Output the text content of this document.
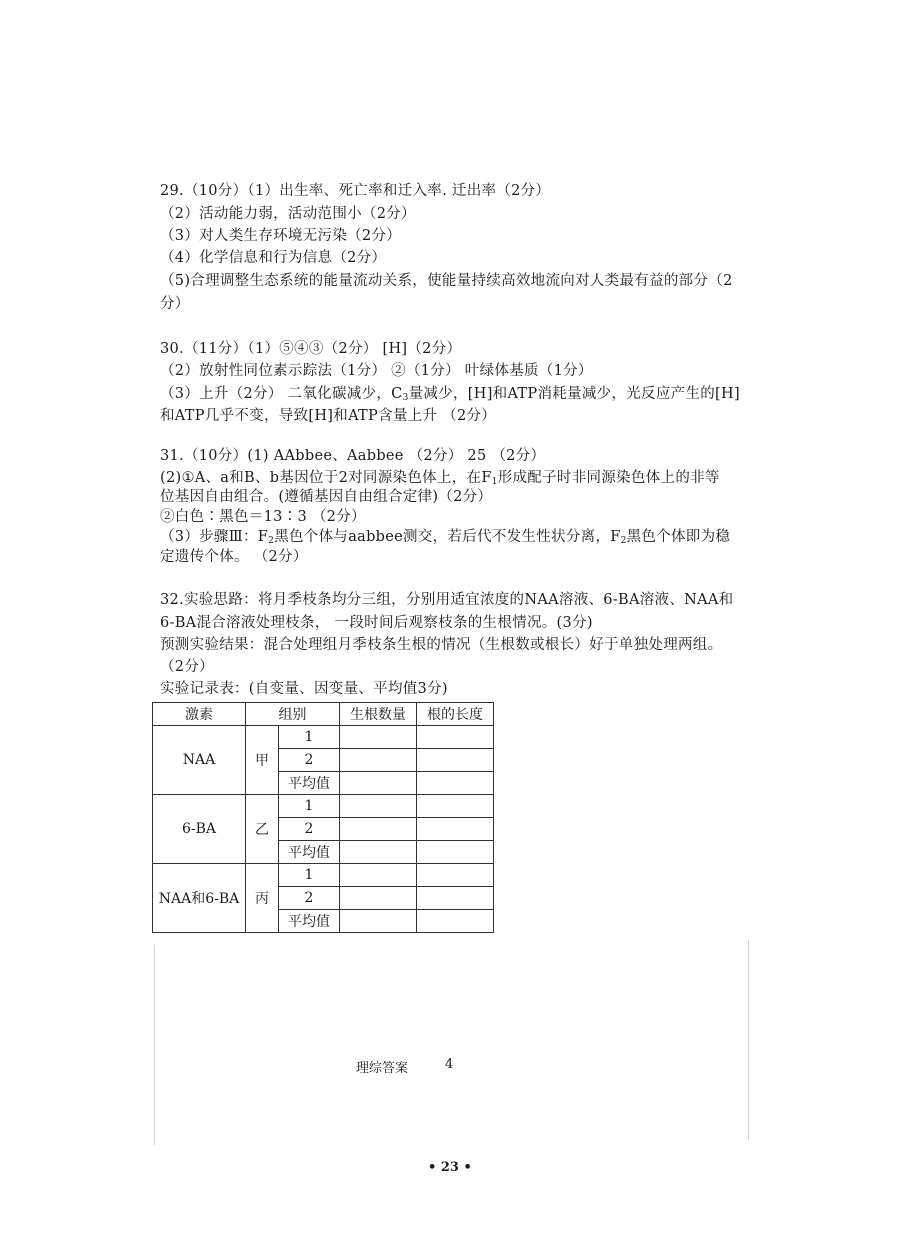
29.（10分）（1）出生率、死亡率和迁入率. 迁出率（2分）
（2）活动能力弱，活动范围小（2分）
（3）对人类生存环境无污染（2分）
（4）化学信息和行为信息（2分）
（5)合理调整生态系统的能量流动关系，使能量持续高效地流向对人类最有益的部分（2
分）
30.（11分）（1）⑤④③（2分） [H]（2分）
（2）放射性同位素示踪法（1分） ②（1分） 叶绿体基质（1分）
（3）上升（2分） 二氧化碳减少，$C_3$量减少，[H]和ATP消耗量减少，光反应产生的[H]
和ATP几乎不变，导致[H]和ATP含量上升 （2分）
31.（10分）(1) AAbbee、Aabbee （2分） 25 （2分）
(2)①A、a和B、b基因位于2对同源染色体上，在$F_1$形成配子时非同源染色体上的非等
位基因自由组合。(遵循基因自由组合定律)（2分）
②白色∶黑色＝13∶3 （2分）
（3）步骤Ⅲ：$F_2$黑色个体与aabbee测交，若后代不发生性状分离，$F_2$黑色个体即为稳
定遗传个体。 （2分）
32.实验思路：将月季枝条均分三组，分别用适宜浓度的NAA溶液、6-BA溶液、NAA和
6-BA混合溶液处理枝条， 一段时间后观察枝条的生根情况。(3分)
预测实验结果：混合处理组月季枝条生根的情况（生根数或根长）好于单独处理两组。
（2分）
实验记录表：(自变量、因变量、平均值3分)
激素	组别		生根数量	根的长度
NAA	甲	1		
		2		
		平均值		
6-BA	乙	1		
		2		
		平均值		
NAA和6-BA	丙	1		
		2		
		平均值		
理综答案	4
• 23 •
